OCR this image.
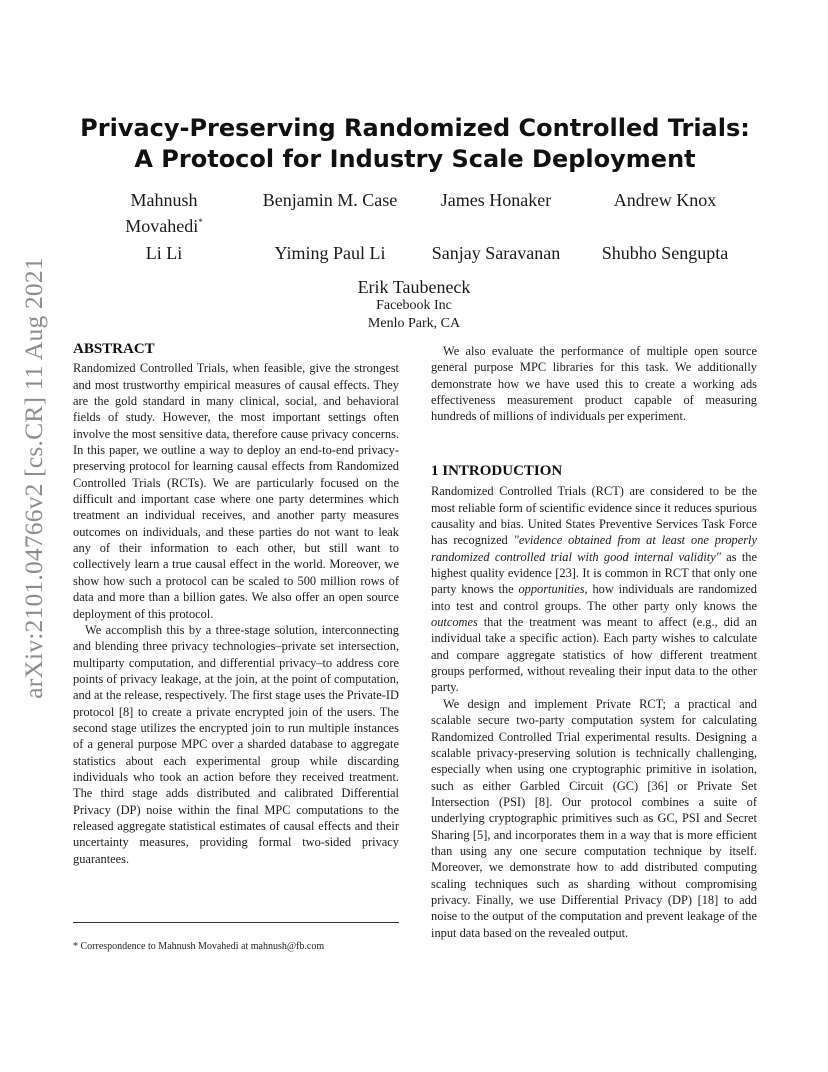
arXiv:2101.04766v2 [cs.CR] 11 Aug 2021
Privacy-Preserving Randomized Controlled Trials:
A Protocol for Industry Scale Deployment
Mahnush
Movahedi*
Benjamin M. Case	James Honaker	Andrew Knox
Li Li	Yiming Paul Li	Sanjay Saravanan	Shubho Sengupta
Erik Taubeneck
Facebook Inc
Menlo Park, CA
ABSTRACT

Randomized Controlled Trials, when feasible, give the strongest and most trustworthy empirical measures of causal effects. They are the gold standard in many clinical, social, and behavioral fields of study. However, the most important settings often involve the most sensitive data, therefore cause privacy concerns. In this paper, we outline a way to deploy an end-to-end privacy-preserving protocol for learning causal effects from Randomized Controlled Trials (RCTs). We are particularly focused on the difficult and important case where one party determines which treatment an individual receives, and another party measures outcomes on individuals, and these parties do not want to leak any of their information to each other, but still want to collectively learn a true causal effect in the world. Moreover, we show how such a protocol can be scaled to 500 million rows of data and more than a billion gates. We also offer an open source deployment of this protocol.

We accomplish this by a three-stage solution, interconnecting and blending three privacy technologies–private set intersection, multiparty computation, and differential privacy–to address core points of privacy leakage, at the join, at the point of computation, and at the release, respectively. The first stage uses the Private-ID protocol [8] to create a private encrypted join of the users. The second stage utilizes the encrypted join to run multiple instances of a general purpose MPC over a sharded database to aggregate statistics about each experimental group while discarding individuals who took an action before they received treatment. The third stage adds distributed and calibrated Differential Privacy (DP) noise within the final MPC computations to the released aggregate statistical estimates of causal effects and their uncertainty measures, providing formal two-sided privacy guarantees.

* Correspondence to Mahnush Movahedi at mahnush@fb.com

We also evaluate the performance of multiple open source general purpose MPC libraries for this task. We additionally demonstrate how we have used this to create a working ads effectiveness measurement product capable of measuring hundreds of millions of individuals per experiment.

1 INTRODUCTION

Randomized Controlled Trials (RCT) are considered to be the most reliable form of scientific evidence since it reduces spurious causality and bias. United States Preventive Services Task Force has recognized "evidence obtained from at least one properly randomized controlled trial with good internal validity" as the highest quality evidence [23]. It is common in RCT that only one party knows the opportunities, how individuals are randomized into test and control groups. The other party only knows the outcomes that the treatment was meant to affect (e.g., did an individual take a specific action). Each party wishes to calculate and compare aggregate statistics of how different treatment groups performed, without revealing their input data to the other party.

We design and implement Private RCT; a practical and scalable secure two-party computation system for calculating Randomized Controlled Trial experimental results. Designing a scalable privacy-preserving solution is technically challenging, especially when using one cryptographic primitive in isolation, such as either Garbled Circuit (GC) [36] or Private Set Intersection (PSI) [8]. Our protocol combines a suite of underlying cryptographic primitives such as GC, PSI and Secret Sharing [5], and incorporates them in a way that is more efficient than using any one secure computation technique by itself. Moreover, we demonstrate how to add distributed computing scaling techniques such as sharding without compromising privacy. Finally, we use Differential Privacy (DP) [18] to add noise to the output of the computation and prevent leakage of the input data based on the revealed output.
